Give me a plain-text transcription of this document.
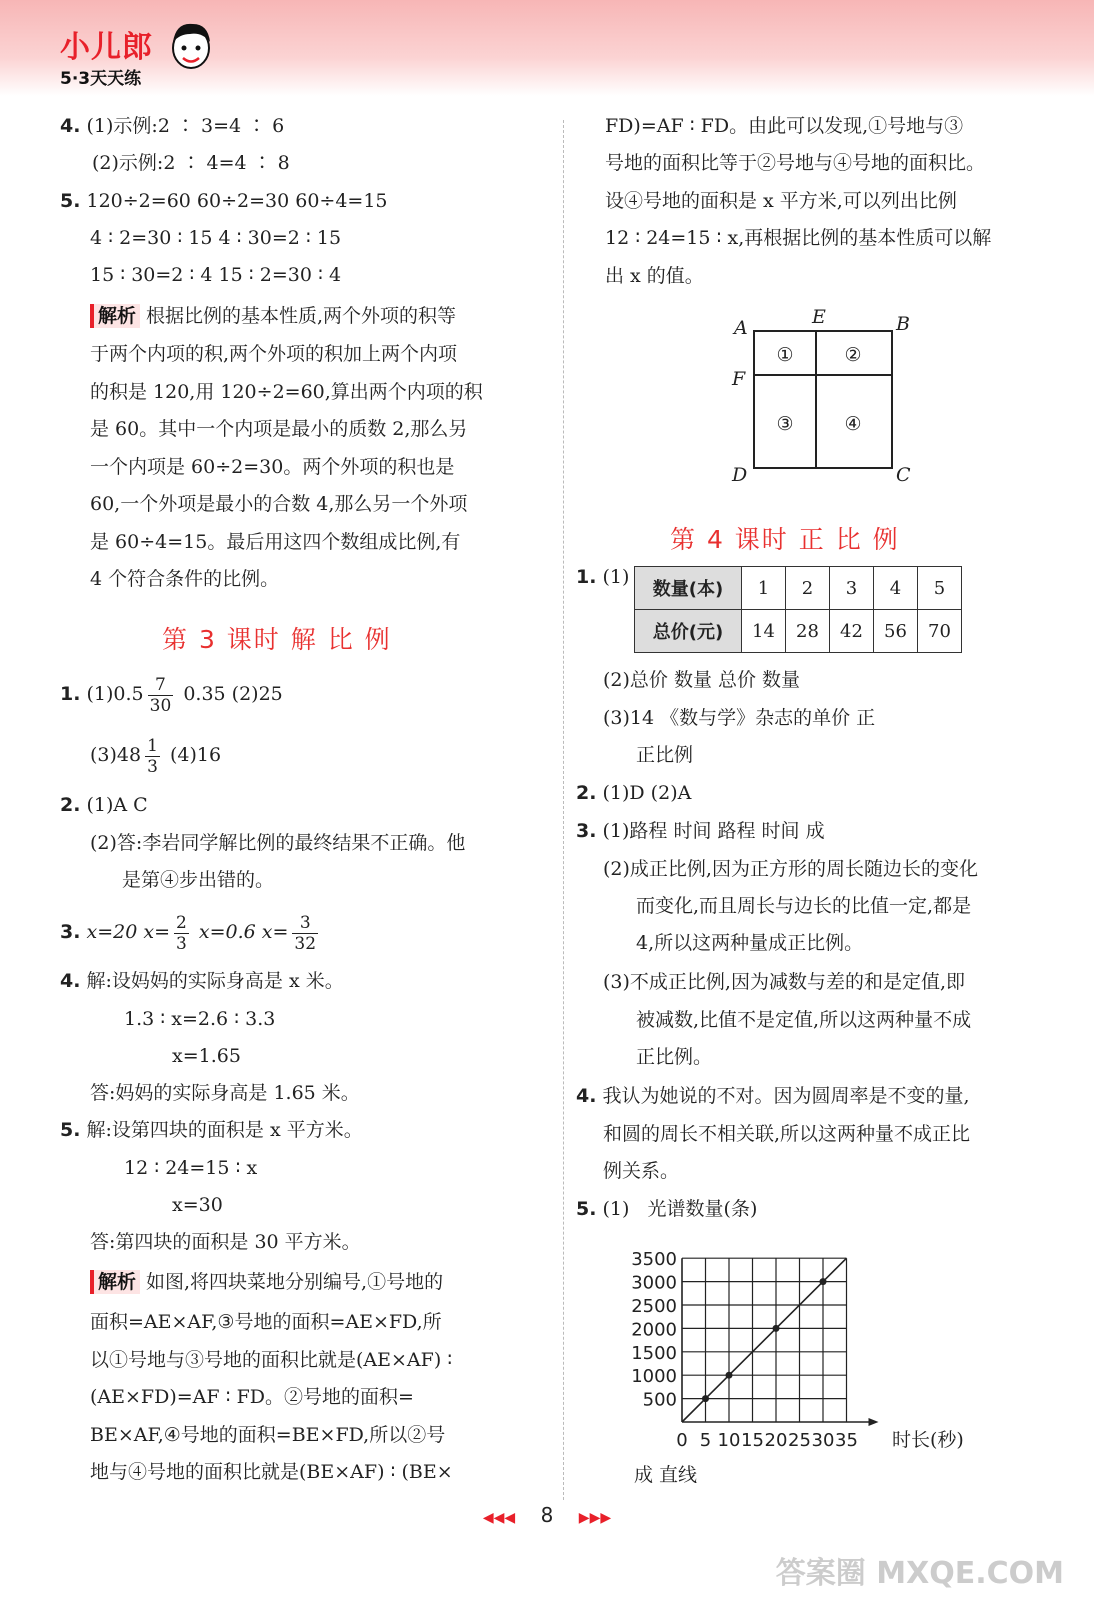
小儿郎
5·3天天练
4. (1)示例:2 ∶ 3=4 ∶ 6
(2)示例:2 ∶ 4=4 ∶ 8
5. 120÷2=60 60÷2=30 60÷4=15
4 ∶ 2=30 ∶ 15 4 ∶ 30=2 ∶ 15
15 ∶ 30=2 ∶ 4 15 ∶ 2=30 ∶ 4
解析 根据比例的基本性质,两个外项的积等
于两个内项的积,两个外项的积加上两个内项
的积是 120,用 120÷2=60,算出两个内项的积
是 60。其中一个内项是最小的质数 2,那么另
一个内项是 60÷2=30。两个外项的积也是
60,一个外项是最小的合数 4,那么另一个外项
是 60÷4=15。最后用这四个数组成比例,有
4 个符合条件的比例。
第 3 课时 解 比 例
1. $(1)0.5 \frac{7}{30} 0.35$ (2)25
$(3)48 \frac{1}{3} (4)16$
2. (1)A C
(2)答:李岩同学解比例的最终结果不正确。他
是第④步出错的。
3. x=20 $x= \frac{2}{3} x=0.6$ $x= \frac{3}{32}$
4. 解:设妈妈的实际身高是 x 米。
1.3 ∶ x=2.6 ∶ 3.3
x=1.65
答:妈妈的实际身高是 1.65 米。
5. 解:设第四块的面积是 x 平方米。
12 ∶ 24=15 ∶ x
x=30
答:第四块的面积是 30 平方米。
解析 如图,将四块菜地分别编号,①号地的
面积=AE×AF,③号地的面积=AE×FD,所
以①号地与③号地的面积比就是(AE×AF) ∶
(AE×FD)=AF ∶ FD。②号地的面积=
BE×AF,④号地的面积=BE×FD,所以②号
地与④号地的面积比就是(BE×AF) ∶ (BE×
FD)=AF ∶ FD。由此可以发现,①号地与③
号地的面积比等于②号地与④号地的面积比。
设④号地的面积是 x 平方米,可以列出比例
12 ∶ 24=15 ∶ x,再根据比例的基本性质可以解
出 x 的值。
A	E	B
F
D	C
①	②
③	④
第 4 课时 正 比 例
1. (1)
数量(本)	1	2	3	4	5
总价(元)	14	28	42	56	70
(2)总价 数量 总价 数量
(3)14 《数与学》杂志的单价 正
正比例
2. (1)D (2)A
3. (1)路程 时间 路程 时间 成
(2)成正比例,因为正方形的周长随边长的变化
而变化,而且周长与边长的比值一定,都是
4,所以这两种量成正比例。
(3)不成正比例,因为减数与差的和是定值,即
被减数,比值不是定值,所以这两种量不成
正比例。
4. 我认为她说的不对。因为圆周率是不变的量,
和圆的周长不相关联,所以这两种量不成正比
例关系。
5. (1) 光谱数量(条)
500
1000
1500
2000
2500
3000
3500
0 5 10 15 20 25 30 35 时长(秒)
成 直线
◀◀◀ 8 ▶▶▶
答案圈 MXQE.COM
